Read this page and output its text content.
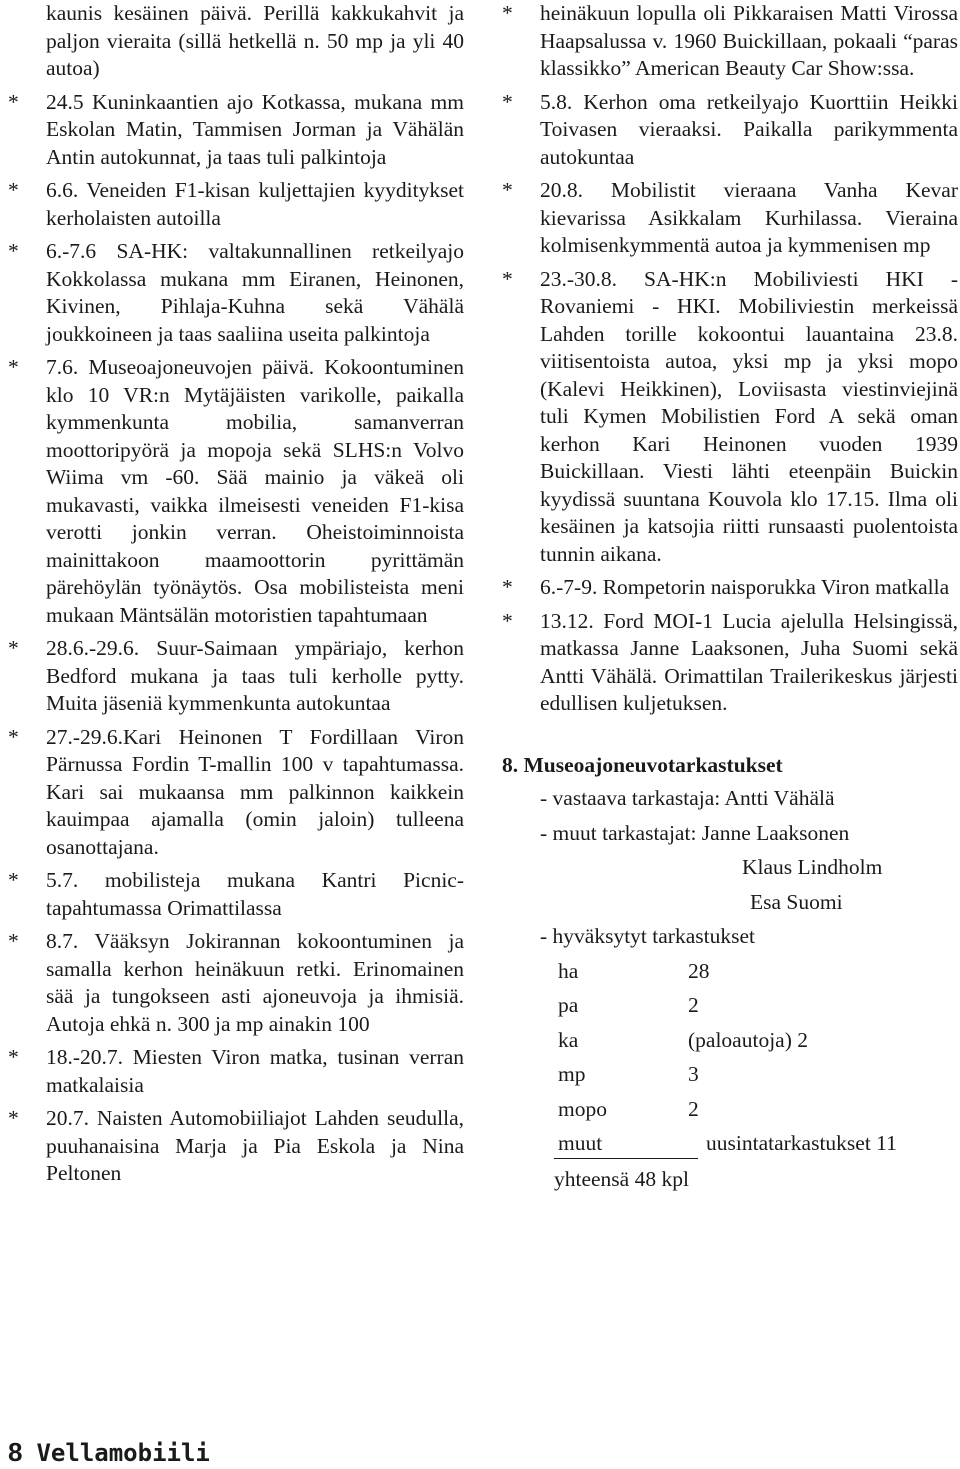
kaunis kesäinen päivä. Perillä kakkukahvit ja paljon vieraita (sillä hetkellä n. 50 mp ja yli 40 autoa)
*	24.5 Kuninkaantien ajo Kotkassa, mukana mm Eskolan Matin, Tammisen Jorman ja Vähälän Antin autokunnat, ja taas tuli palkintoja
*	6.6. Veneiden F1-kisan kuljettajien kyyditykset kerholaisten autoilla
*	6.-7.6 SA-HK: valtakunnallinen retkeilyajo Kokkolassa mukana mm Eiranen, Heinonen, Kivinen, Pihlaja-Kuhna sekä Vähälä joukkoineen ja taas saaliina useita palkintoja
*	7.6. Museoajoneuvojen päivä. Kokoontuminen klo 10 VR:n Mytäjäisten varikolle, paikalla kymmenkunta mobilia, samanverran moottoripyörä ja mopoja sekä SLHS:n Volvo Wiima vm -60. Sää mainio ja väkeä oli mukavasti, vaikka ilmeisesti veneiden F1-kisa verotti jonkin verran. Oheistoiminnoista mainittakoon maamoottorin pyrittämän pärehöylän työnäytös. Osa mobilisteista meni mukaan Mäntsälän motoristien tapahtumaan
*	28.6.-29.6. Suur-Saimaan ympäriajo, kerhon Bedford mukana ja taas tuli kerholle pytty. Muita jäseniä kymmenkunta autokuntaa
*	27.-29.6.Kari Heinonen T Fordillaan Viron Pärnussa Fordin T-mallin 100 v tapahtumassa. Kari sai mukaansa mm palkinnon kaikkein kauimpaa ajamalla (omin jaloin) tulleena osanottajana.
*	5.7. mobilisteja mukana Kantri Picnic-tapahtumassa Orimattilassa
*	8.7. Vääksyn Jokirannan kokoontuminen ja samalla kerhon heinäkuun retki. Erinomainen sää ja tungokseen asti ajoneuvoja ja ihmisiä. Autoja ehkä n. 300 ja mp ainakin 100
*	18.-20.7. Miesten Viron matka, tusinan verran matkalaisia
*	20.7. Naisten Automobiiliajot Lahden seudulla, puuhanaisina Marja ja Pia Eskola ja Nina Peltonen
*	heinäkuun lopulla oli Pikkaraisen Matti Virossa Haapsalussa v. 1960 Buickillaan, pokaali “paras klassikko” American Beauty Car Show:ssa.
*	5.8. Kerhon oma retkeilyajo Kuorttiin Heikki Toivasen vieraaksi. Paikalla parikymmenta autokuntaa
*	20.8. Mobilistit vieraana Vanha Kevar kievarissa Asikkalam Kurhilassa. Vieraina kolmisenkymmentä autoa ja kymmenisen mp
*	23.-30.8. SA-HK:n Mobiliviesti HKI - Rovaniemi - HKI. Mobiliviestin merkeissä Lahden torille kokoontui lauantaina 23.8. viitisentoista autoa, yksi mp ja yksi mopo (Kalevi Heikkinen), Loviisasta viestinviejinä tuli Kymen Mobilistien Ford A sekä oman kerhon Kari Heinonen vuoden 1939 Buickillaan. Viesti lähti eteenpäin Buickin kyydissä suuntana Kouvola klo 17.15. Ilma oli kesäinen ja katsojia riitti runsaasti puolentoista tunnin aikana.
*	6.-7-9. Rompetorin naisporukka Viron matkalla
*	13.12. Ford MOI-1 Lucia ajelulla Helsingissä, matkassa Janne Laaksonen, Juha Suomi sekä Antti Vähälä. Orimattilan Trailerikeskus järjesti edullisen kuljetuksen.
8. Museoajoneuvotarkastukset
- vastaava tarkastaja: Antti Vähälä
- muut tarkastajat: Janne Laaksonen
Klaus Lindholm
Esa Suomi
- hyväksytyt tarkastukset
ha	28
pa	2
ka	(paloautoja) 2
mp	3
mopo	2
muut	uusintatarkastukset 11
yhteensä 48 kpl
8 Vellamobiili
